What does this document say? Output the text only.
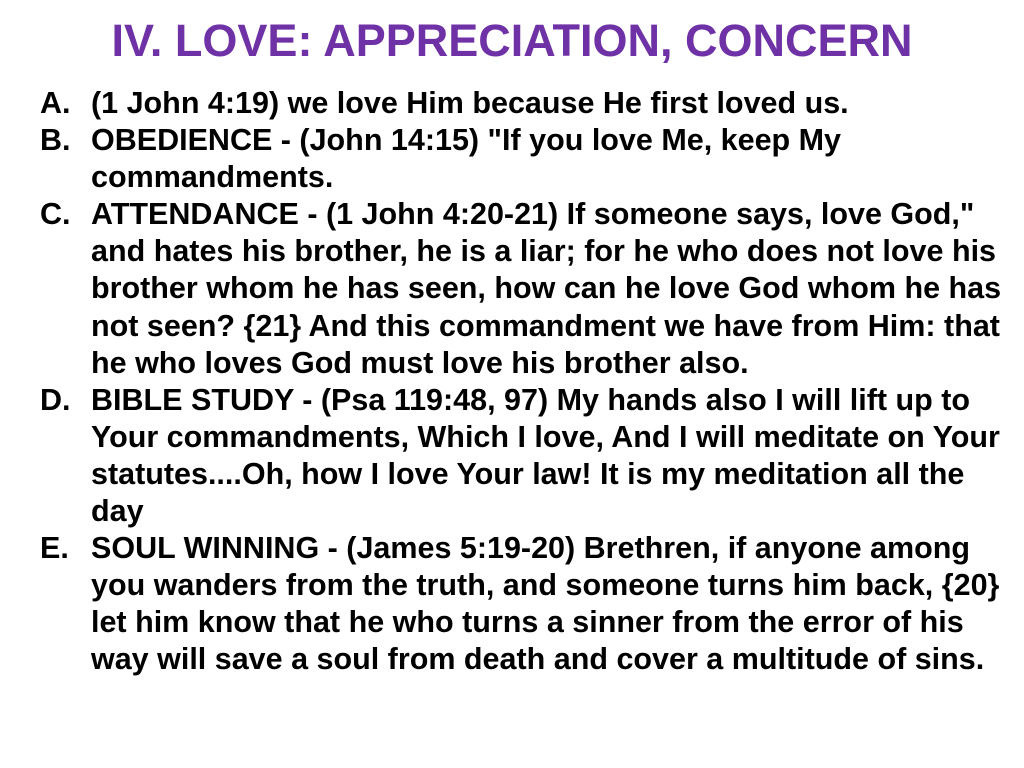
IV. LOVE: APPRECIATION, CONCERN
A. (1 John 4:19) we love Him because He first loved us.
B. OBEDIENCE - (John 14:15) "If you love Me, keep My commandments.
C. ATTENDANCE - (1 John 4:20-21) If someone says, love God," and hates his brother, he is a liar; for he who does not love his brother whom he has seen, how can he love God whom he has not seen? {21} And this commandment we have from Him: that he who loves God must love his brother also.
D. BIBLE STUDY - (Psa 119:48, 97) My hands also I will lift up to Your commandments, Which I love, And I will meditate on Your statutes....Oh, how I love Your law! It is my meditation all the day
E. SOUL WINNING - (James 5:19-20) Brethren, if anyone among you wanders from the truth, and someone turns him back, {20} let him know that he who turns a sinner from the error of his way will save a soul from death and cover a multitude of sins.
